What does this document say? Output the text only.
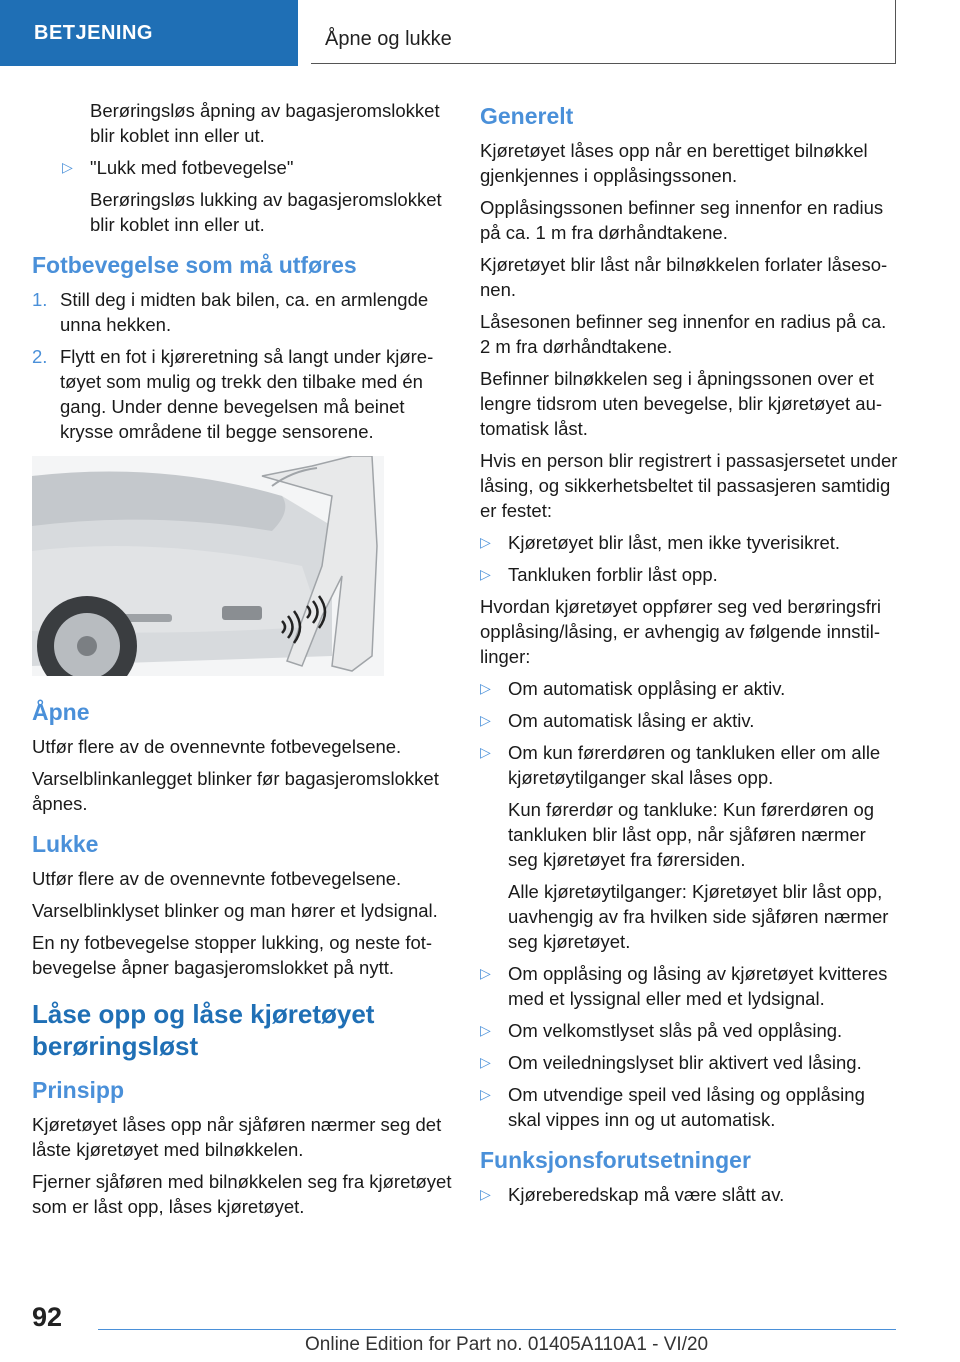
BETJENING	Åpne og lukke

Berøringsløs åpning av bagasjeromslokket blir koblet inn eller ut.

▷ "Lukk med fotbevegelse"

Berøringsløs lukking av bagasjeromslokket blir koblet inn eller ut.

Fotbevegelse som må utføres
1. Still deg i midten bak bilen, ca. en armlengde unna hekken.
2. Flytt en fot i kjøreretning så langt under kjøretøyet som mulig og trekk den tilbake med én gang. Under denne bevegelsen må beinet krysse områdene til begge sensorene.
Åpne

Utfør flere av de ovennevnte fotbevegelsene.

Varselblinkanlegget blinker før bagasjeromslokket åpnes.

Lukke

Utfør flere av de ovennevnte fotbevegelsene.

Varselblinklyset blinker og man hører et lydsignal.

En ny fotbevegelse stopper lukking, og neste fotbevegelse åpner bagasjeromslokket på nytt.

Låse opp og låse kjøretøyet berøringsløst
Prinsipp

Kjøretøyet låses opp når sjåføren nærmer seg det låste kjøretøyet med bilnøkkelen.

Fjerner sjåføren med bilnøkkelen seg fra kjøretøyet som er låst opp, låses kjøretøyet.

Generelt

Kjøretøyet låses opp når en berettiget bilnøkkel gjenkjennes i opplåsingssonen.

Opplåsingssonen befinner seg innenfor en radius på ca. 1 m fra dørhåndtakene.

Kjøretøyet blir låst når bilnøkkelen forlater låsesonen.

Låsesonen befinner seg innenfor en radius på ca. 2 m fra dørhåndtakene.

Befinner bilnøkkelen seg i åpningssonen over et lengre tidsrom uten bevegelse, blir kjøretøyet automatisk låst.

Hvis en person blir registrert i passasjersetet under låsing, og sikkerhetsbeltet til passasjeren samtidig er festet:

▷ Kjøretøyet blir låst, men ikke tyverisikret.
▷ Tankluken forblir låst opp.

Hvordan kjøretøyet oppfører seg ved berøringsfri opplåsing/låsing, er avhengig av følgende innstillinger:

▷ Om automatisk opplåsing er aktiv.
▷ Om automatisk låsing er aktiv.
▷ Om kun førerdøren og tankluken eller om alle kjøretøytilganger skal låses opp.

Kun førerdør og tankluke: Kun førerdøren og tankluken blir låst opp, når sjåføren nærmer seg kjøretøyet fra førersiden.

Alle kjøretøytilganger: Kjøretøyet blir låst opp, uavhengig av fra hvilken side sjåføren nærmer seg kjøretøyet.

▷ Om opplåsing og låsing av kjøretøyet kvitteres med et lyssignal eller med et lydsignal.
▷ Om velkomstlyset slås på ved opplåsing.
▷ Om veiledningslyset blir aktivert ved låsing.
▷ Om utvendige speil ved låsing og opplåsing skal vippes inn og ut automatisk.
Funksjonsforutsetninger
▷ Kjøreberedskap må være slått av.
92
Online Edition for Part no. 01405A110A1 - VI/20
